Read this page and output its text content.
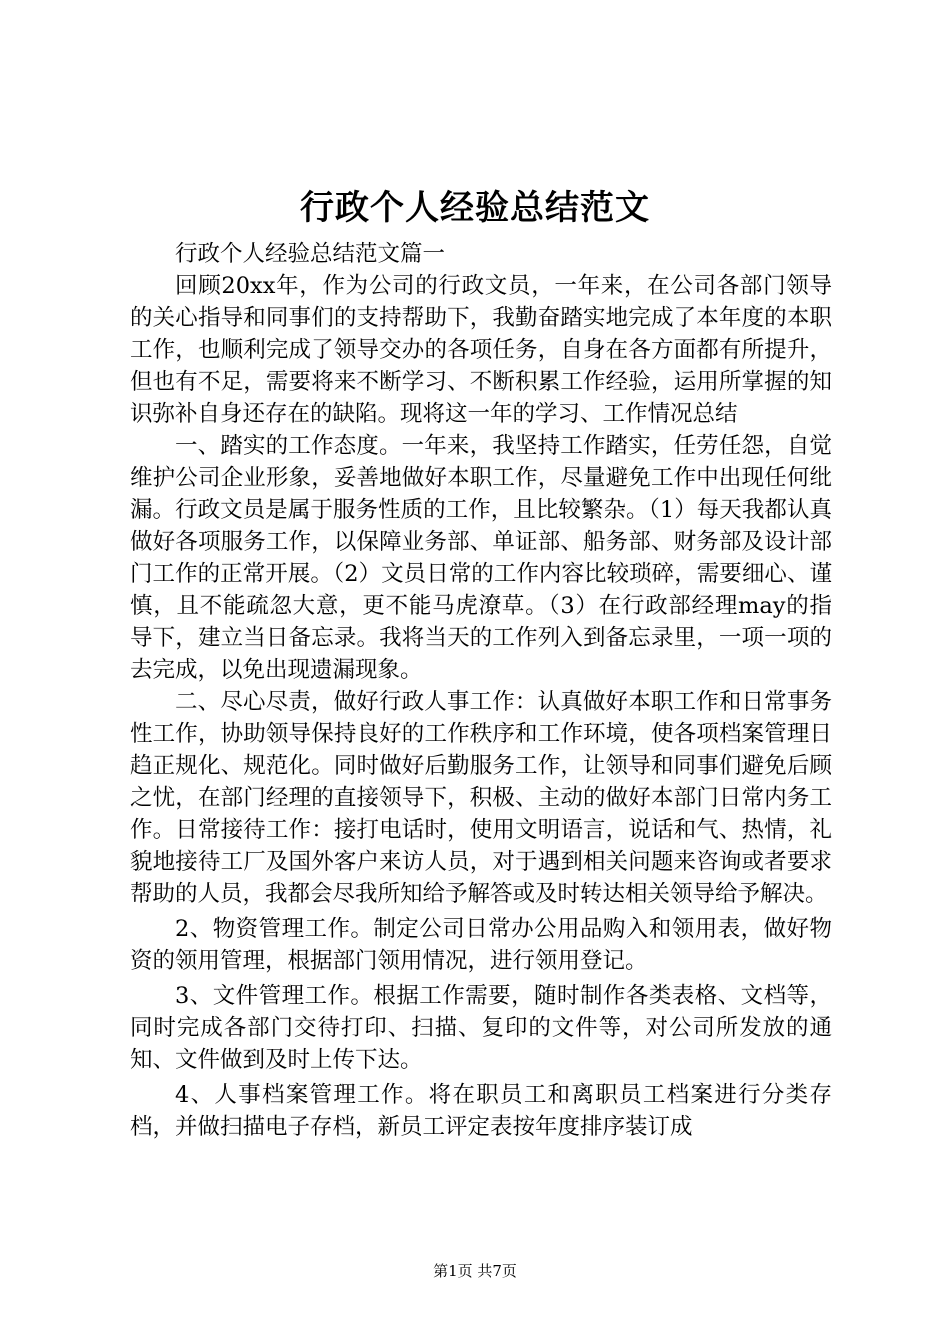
行政个人经验总结范文

行政个人经验总结范文篇一

回顾20xx年，作为公司的行政文员，一年来，在公司各部门领导的关心指导和同事们的支持帮助下，我勤奋踏实地完成了本年度的本职工作，也顺利完成了领导交办的各项任务，自身在各方面都有所提升，但也有不足，需要将来不断学习、不断积累工作经验，运用所掌握的知识弥补自身还存在的缺陷。现将这一年的学习、工作情况总结

一、踏实的工作态度。一年来，我坚持工作踏实，任劳任怨，自觉维护公司企业形象，妥善地做好本职工作，尽量避免工作中出现任何纰漏。行政文员是属于服务性质的工作，且比较繁杂。（1）每天我都认真做好各项服务工作，以保障业务部、单证部、船务部、财务部及设计部门工作的正常开展。（2）文员日常的工作内容比较琐碎，需要细心、谨慎，且不能疏忽大意，更不能马虎潦草。（3）在行政部经理may的指导下，建立当日备忘录。我将当天的工作列入到备忘录里，一项一项的去完成，以免出现遗漏现象。

二、尽心尽责，做好行政人事工作：认真做好本职工作和日常事务性工作，协助领导保持良好的工作秩序和工作环境，使各项档案管理日趋正规化、规范化。同时做好后勤服务工作，让领导和同事们避免后顾之忧，在部门经理的直接领导下，积极、主动的做好本部门日常内务工作。日常接待工作：接打电话时，使用文明语言，说话和气、热情，礼貌地接待工厂及国外客户来访人员，对于遇到相关问题来咨询或者要求帮助的人员，我都会尽我所知给予解答或及时转达相关领导给予解决。

2、物资管理工作。制定公司日常办公用品购入和领用表，做好物资的领用管理，根据部门领用情况，进行领用登记。

3、文件管理工作。根据工作需要，随时制作各类表格、文档等，同时完成各部门交待打印、扫描、复印的文件等，对公司所发放的通知、文件做到及时上传下达。

4、人事档案管理工作。将在职员工和离职员工档案进行分类存档，并做扫描电子存档，新员工评定表按年度排序装订成

第1页 共7页
